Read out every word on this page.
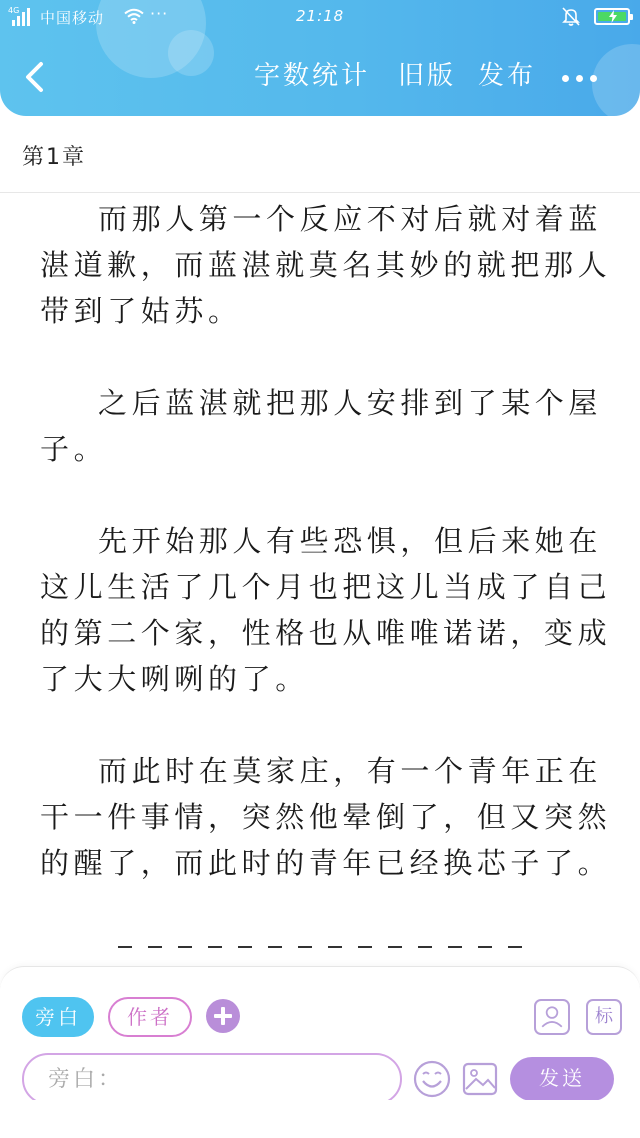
4G 中国移动	···	21:18
字数统计 旧版 发布
第1章

而那人第一个反应不对后就对着蓝湛道歉，而蓝湛就莫名其妙的就把那人带到了姑苏。

之后蓝湛就把那人安排到了某个屋子。

先开始那人有些恐惧，但后来她在这儿生活了几个月也把这儿当成了自己的第二个家，性格也从唯唯诺诺，变成了大大咧咧的了。

而此时在莫家庄，有一个青年正在干一件事情，突然他晕倒了，但又突然的醒了，而此时的青年已经换芯子了。

旁白	作者	标
旁白：
发送
